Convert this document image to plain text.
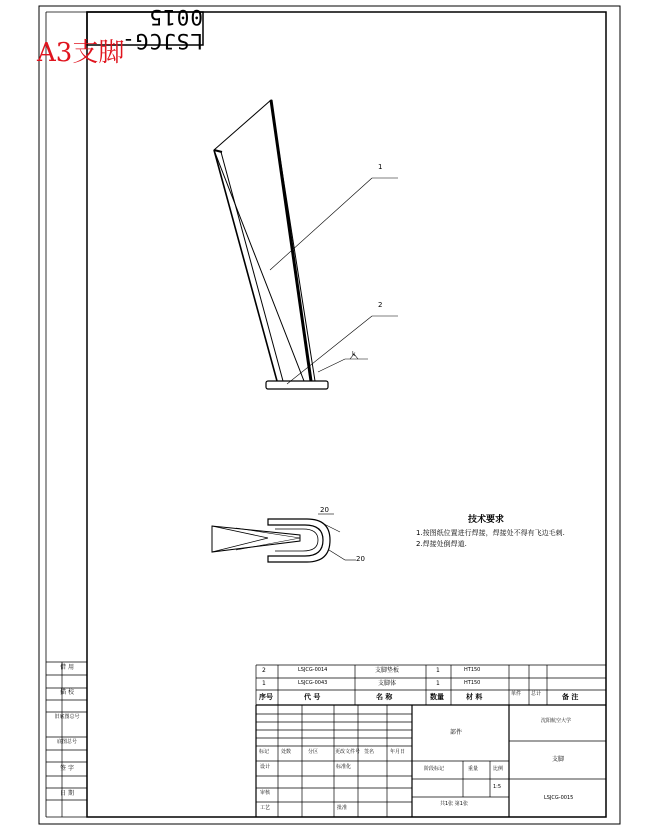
LSJCG-0015
A3支脚
1
2
k
20
20
技术要求
1.按图纸位置进行焊接，焊接处不得有飞边毛刺.
2.焊接处倒焊道.
借 用
描 校
旧底图总号
底图总号
签 字
日 期
2	LSJCG-0014	支脚垫板	1	HT150
1	LSJCG-0043	支脚体	1	HT150
序号	代 号	名 称	数量	材 料	单件 总计	备 注
标记 处数	分区	更改文件号 签名	年月日
设计	标准化
审核
工艺	批准
部件
阶段标记	重量	比例
1:5
共1张 第1张
沈阳航空大学
支脚
LSJCG-0015
